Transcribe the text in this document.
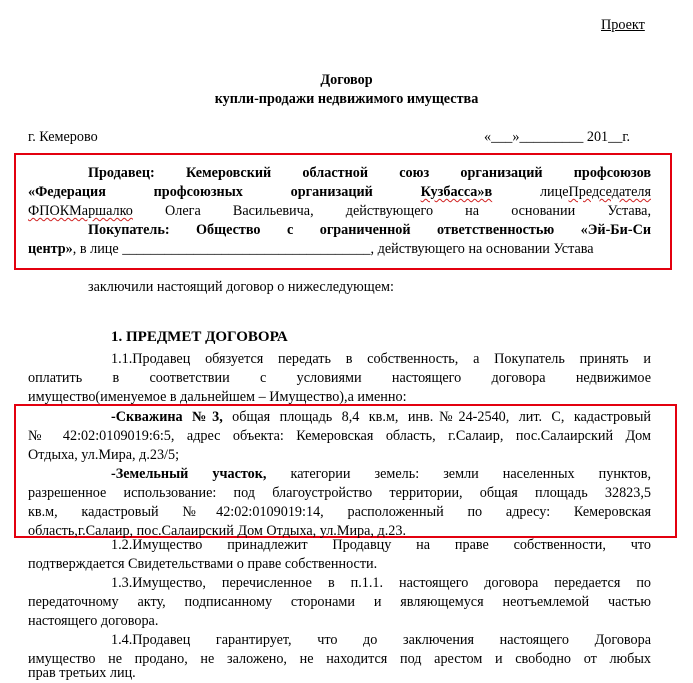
Проект
Договор
купли-продажи недвижимого имущества
г. Кемерово	«___»_________ 201__г.
Продавец: Кемеровский областной союз организаций профсоюзов
«Федерация профсоюзных организаций Кузбасса»в лицеПредседателя
ФПОКМаршалко Олега Васильевича, действующего на основании Устава,
Покупатель: Общество с ограниченной ответственностью «Эй-Би-Си
центр», в лице ___________________________________, действующего на основании Устава
заключили настоящий договор о нижеследующем:
1. ПРЕДМЕТ ДОГОВОРА
1.1.Продавец обязуется передать в собственность, а Покупатель принять и
оплатить в соответствии с условиями настоящего договора недвижимое
имущество(именуемое в дальнейшем – Имущество),а именно:
-Скважина №3, общая площадь 8,4 кв.м, инв.№24-2540, лит. С, кадастровый
№ 42:02:0109019:6:5, адрес объекта: Кемеровская область, г.Салаир, пос.Салаирский Дом
Отдыха, ул.Мира, д.23/5;
-Земельный участок, категории земель: земли населенных пунктов,
разрешенное использование: под благоустройство территории, общая площадь 32823,5
кв.м, кадастровый №42:02:0109019:14, расположенный по адресу: Кемеровская
область,г.Салаир, пос.Салаирский Дом Отдыха, ул.Мира, д.23.
1.2.Имущество принадлежит Продавцу на праве собственности, что
подтверждается Свидетельствами о праве собственности.
1.3.Имущество, перечисленное в п.1.1. настоящего договора передается по
передаточному акту, подписанному сторонами и являющемуся неотъемлемой частью
настоящего договора.
1.4.Продавец гарантирует, что до заключения настоящего Договора
имущество не продано, не заложено, не находится под арестом и свободно от любых
прав третьих лиц.
